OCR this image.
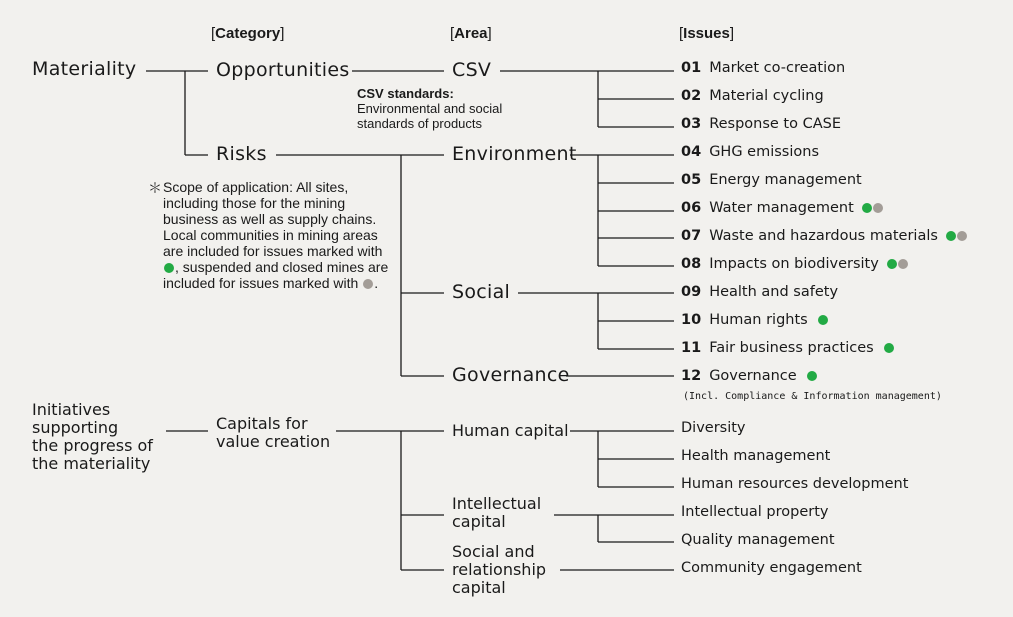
[Category]	[Area]	[Issues]
Materiality	Opportunities
Risks
CSV
Environment
Social
Governance
CSV standards:
Environmental and social
standards of products
＊ Scope of application: All sites, including those for the mining business as well as supply chains. Local communities in mining areas are included for issues marked with , suspended and closed mines are included for issues marked with .
01 Market co-creation
02 Material cycling
03 Response to CASE
04 GHG emissions
05 Energy management
06 Water management
07 Waste and hazardous materials
08 Impacts on biodiversity
09 Health and safety
10 Human rights
11 Fair business practices
12 Governance
(Incl. Compliance & Information management)
Initiatives
supporting
the progress of
the materiality
Capitals for
value creation
Human capital
Intellectual
capital
Social and
relationship
capital
Diversity
Health management
Human resources development
Intellectual property
Quality management
Community engagement
